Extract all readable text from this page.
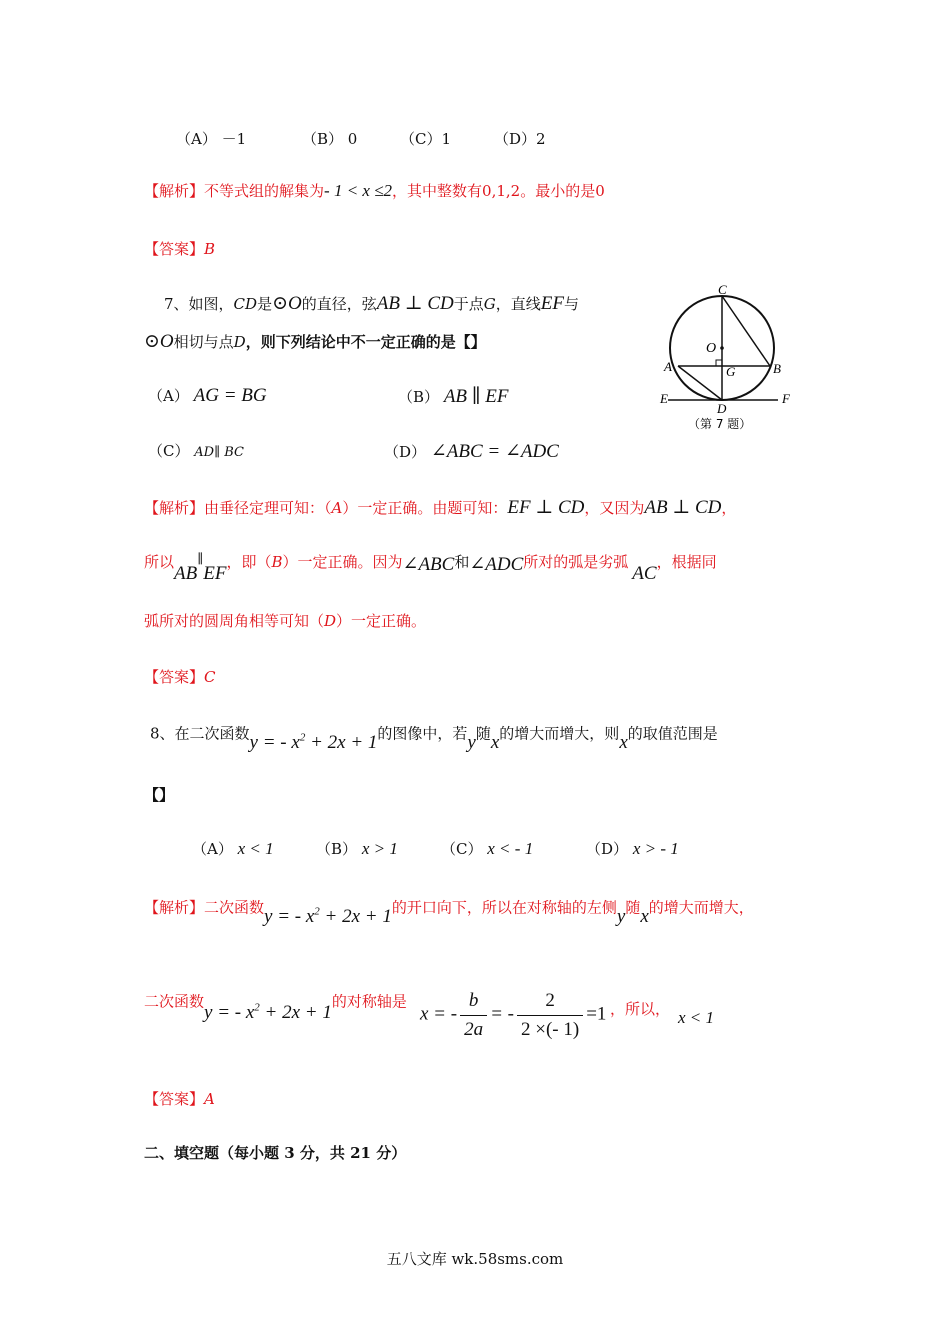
（A） －1	（B） 0	（C）1	（D）2
【解析】不等式组的解集为- 1 < x ≤2，其中整数有0,1,2。最小的是0
【答案】B
7、如图，CD是⊙O的直径，弦AB ⊥ CD于点G，直线EF与
⊙O相切与点D，则下列结论中不一定正确的是【】
（A） AG = BG	（B） AB ∥ EF
（C） AD∥ BC	（D） ∠ABC = ∠ADC
C
O
A	G	B
E
D
F
（第 7 题）
【解析】由垂径定理可知：（A）一定正确。由题可知：EF ⊥ CD，又因为AB ⊥ CD，
所以AB∥EF，即（B）一定正确。因为∠ABC和∠ADC所对的弧是劣弧AC，根据同
弧所对的圆周角相等可知（D）一定正确。
【答案】C
8、在二次函数y = - $x^2 + 2x + 1$的图像中，若y随x的增大而增大，则x的取值范围是
【】
（A） x < 1	（B） x > 1	（C） x < - 1	（D） x > - 1
【解析】二次函数y = - $x^2 + 2x + 1$的开口向下，所以在对称轴的左侧y随x的增大而增大，
二次函数y = - $x^2 + 2x + 1$的对称轴是
x = - $\frac{b}{2a}$ = - $\frac{2}{2 \times(- 1)} =1$ ，所以， x < 1
【答案】A
二、填空题（每小题 3 分，共 21 分）
五八文库 wk.58sms.com
